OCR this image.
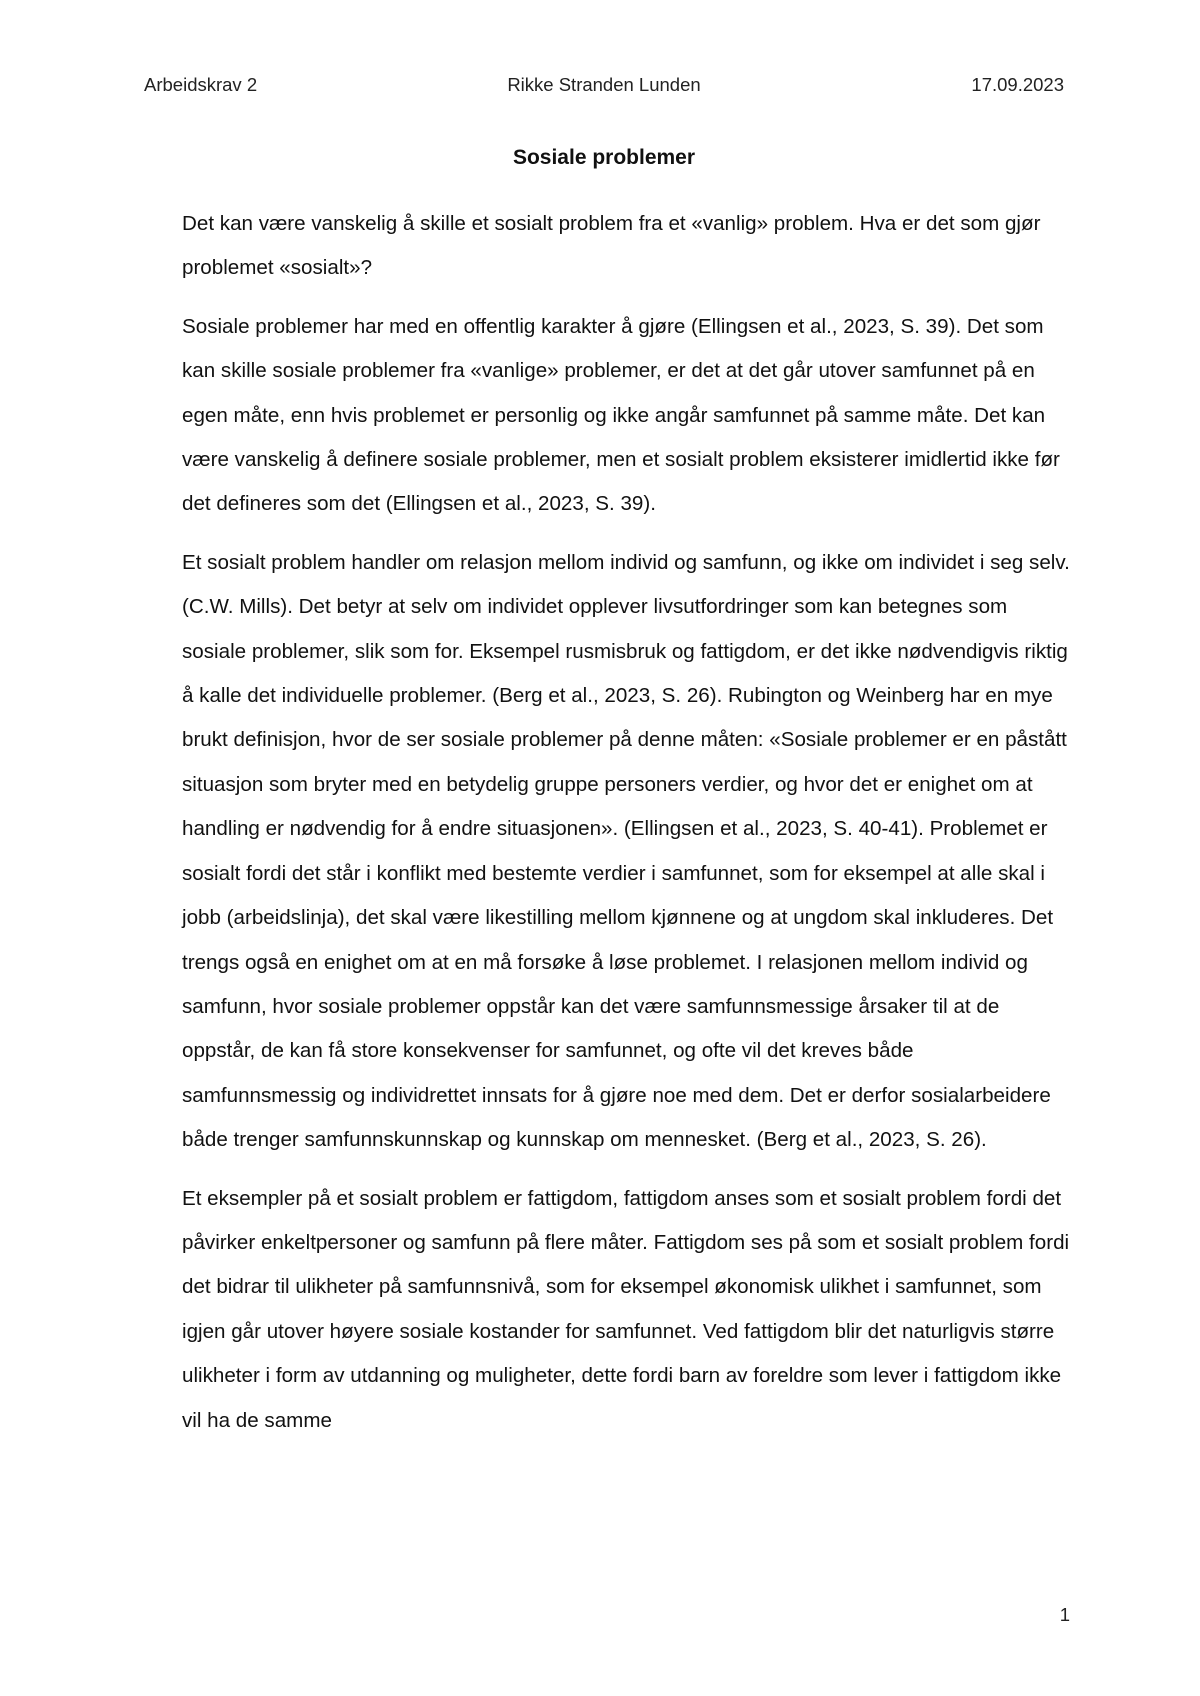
Arbeidskrav 2	Rikke Stranden Lunden	17.09.2023
Sosiale problemer

Det kan være vanskelig å skille et sosialt problem fra et «vanlig» problem. Hva er det som gjør problemet «sosialt»?

Sosiale problemer har med en offentlig karakter å gjøre (Ellingsen et al., 2023, S. 39). Det som kan skille sosiale problemer fra «vanlige» problemer, er det at det går utover samfunnet på en egen måte, enn hvis problemet er personlig og ikke angår samfunnet på samme måte. Det kan være vanskelig å definere sosiale problemer, men et sosialt problem eksisterer imidlertid ikke før det defineres som det (Ellingsen et al., 2023, S. 39).

Et sosialt problem handler om relasjon mellom individ og samfunn, og ikke om individet i seg selv. (C.W. Mills). Det betyr at selv om individet opplever livsutfordringer som kan betegnes som sosiale problemer, slik som for. Eksempel rusmisbruk og fattigdom, er det ikke nødvendigvis riktig å kalle det individuelle problemer. (Berg et al., 2023, S. 26). Rubington og Weinberg har en mye brukt definisjon, hvor de ser sosiale problemer på denne måten: «Sosiale problemer er en påstått situasjon som bryter med en betydelig gruppe personers verdier, og hvor det er enighet om at handling er nødvendig for å endre situasjonen». (Ellingsen et al., 2023, S. 40-41). Problemet er sosialt fordi det står i konflikt med bestemte verdier i samfunnet, som for eksempel at alle skal i jobb (arbeidslinja), det skal være likestilling mellom kjønnene og at ungdom skal inkluderes. Det trengs også en enighet om at en må forsøke å løse problemet. I relasjonen mellom individ og samfunn, hvor sosiale problemer oppstår kan det være samfunnsmessige årsaker til at de oppstår, de kan få store konsekvenser for samfunnet, og ofte vil det kreves både samfunnsmessig og individrettet innsats for å gjøre noe med dem. Det er derfor sosialarbeidere både trenger samfunnskunnskap og kunnskap om mennesket. (Berg et al., 2023, S. 26).

Et eksempler på et sosialt problem er fattigdom, fattigdom anses som et sosialt problem fordi det påvirker enkeltpersoner og samfunn på flere måter. Fattigdom ses på som et sosialt problem fordi det bidrar til ulikheter på samfunnsnivå, som for eksempel økonomisk ulikhet i samfunnet, som igjen går utover høyere sosiale kostander for samfunnet. Ved fattigdom blir det naturligvis større ulikheter i form av utdanning og muligheter, dette fordi barn av foreldre som lever i fattigdom ikke vil ha de samme

1
